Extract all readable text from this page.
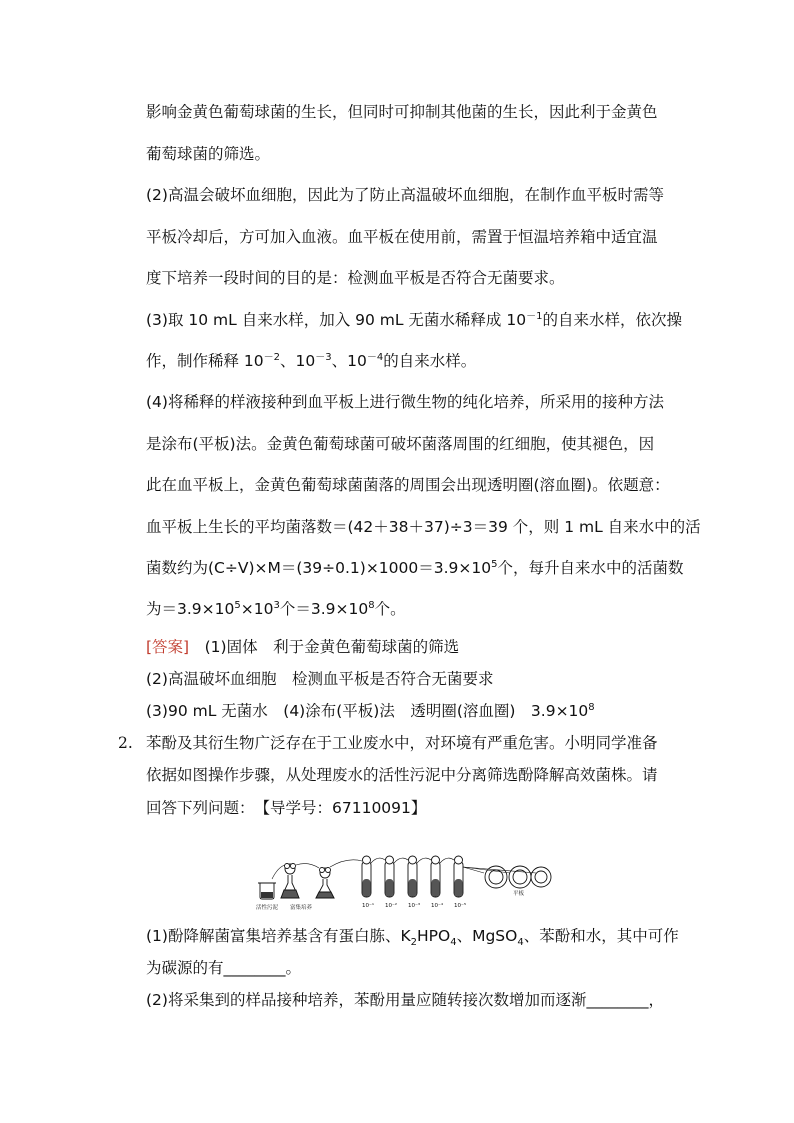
影响金黄色葡萄球菌的生长，但同时可抑制其他菌的生长，因此利于金黄色
葡萄球菌的筛选。
(2)高温会破坏血细胞，因此为了防止高温破坏血细胞，在制作血平板时需等
平板冷却后，方可加入血液。血平板在使用前，需置于恒温培养箱中适宜温
度下培养一段时间的目的是：检测血平板是否符合无菌要求。
(3)取 10 mL 自来水样，加入 90 mL 无菌水稀释成 $10^{-1}$的自来水样，依次操
作，制作稀释 $10^{-2}$、$10^{-3}$、$10^{-4}$的自来水样。
(4)将稀释的样液接种到血平板上进行微生物的纯化培养，所采用的接种方法
是涂布(平板)法。金黄色葡萄球菌可破坏菌落周围的红细胞，使其褪色，因
此在血平板上，金黄色葡萄球菌菌落的周围会出现透明圈(溶血圈)。依题意：
血平板上生长的平均菌落数＝(42＋38＋37)÷3＝39 个，则 1 mL 自来水中的活
菌数约为$(C\div V)\times M=(39\div 0.1)\times 1000=3.9\times 10^5$个，每升自来水中的活菌数
为$=3.9\times 10^5\times 10^3$个$=3.9\times 10^8$个。
[答案]　(1)固体　利于金黄色葡萄球菌的筛选
(2)高温破坏血细胞　检测血平板是否符合无菌要求
(3)90 mL 无菌水　(4)涂布(平板)法　透明圈(溶血圈)　$3.9\times 10^8$
2. 苯酚及其衍生物广泛存在于工业废水中，对环境有严重危害。小明同学准备
依据如图操作步骤，从处理废水的活性污泥中分离筛选酚降解高效菌株。请
回答下列问题：　【导学号：67110091】
活性污泥 富集培养
平板
10⁻¹ 10⁻² 10⁻³ 10⁻⁴ 10⁻⁵
(1)酚降解菌富集培养基含有蛋白胨、$K_2HPO_4$、MgSO$_4$、苯酚和水，其中可作
为碳源的有________。
(2)将采集到的样品接种培养，苯酚用量应随转接次数增加而逐渐________，
